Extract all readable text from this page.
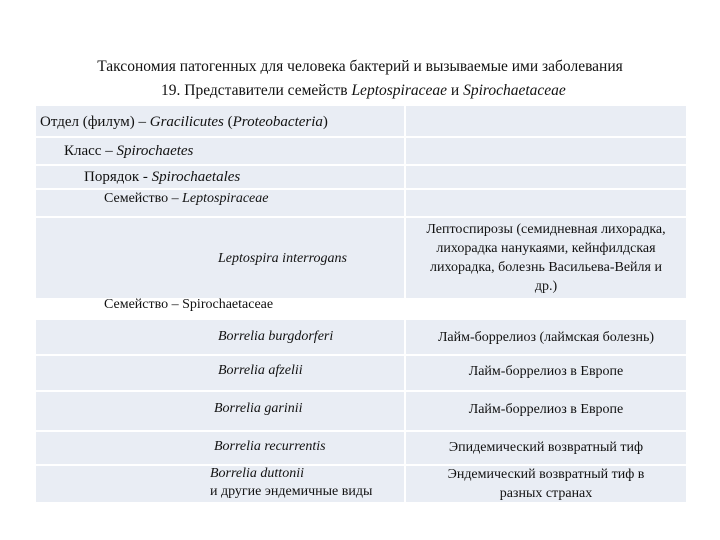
Таксономия патогенных для человека бактерий и вызываемые ими заболевания
19. Представители семейств Leptospiraceae и Spirochaetaceae
Отдел (филум) – Gracilicutes (Proteobacteria)
Класс – Spirochaetes
Порядок - Spirochaetales
Семейство – Leptospiraceae
Лептоспирозы (семидневная лихорадка, лихорадка нанукаями, кейнфилдская лихорадка, болезнь Васильева-Вейля и др.)
Leptospira interrogans
Семейство – Spirochaetaceae
Лайм-боррелиоз (лаймская болезнь)
Borrelia burgdorferi
Лайм-боррелиоз в Европе
Borrelia afzelii
Лайм-боррелиоз в Европе
Borrelia garinii
Эпидемический возвратный тиф
Borrelia recurrentis
Эндемический возвратный тиф в разных странах
Borrelia duttonii
и другие эндемичные виды
